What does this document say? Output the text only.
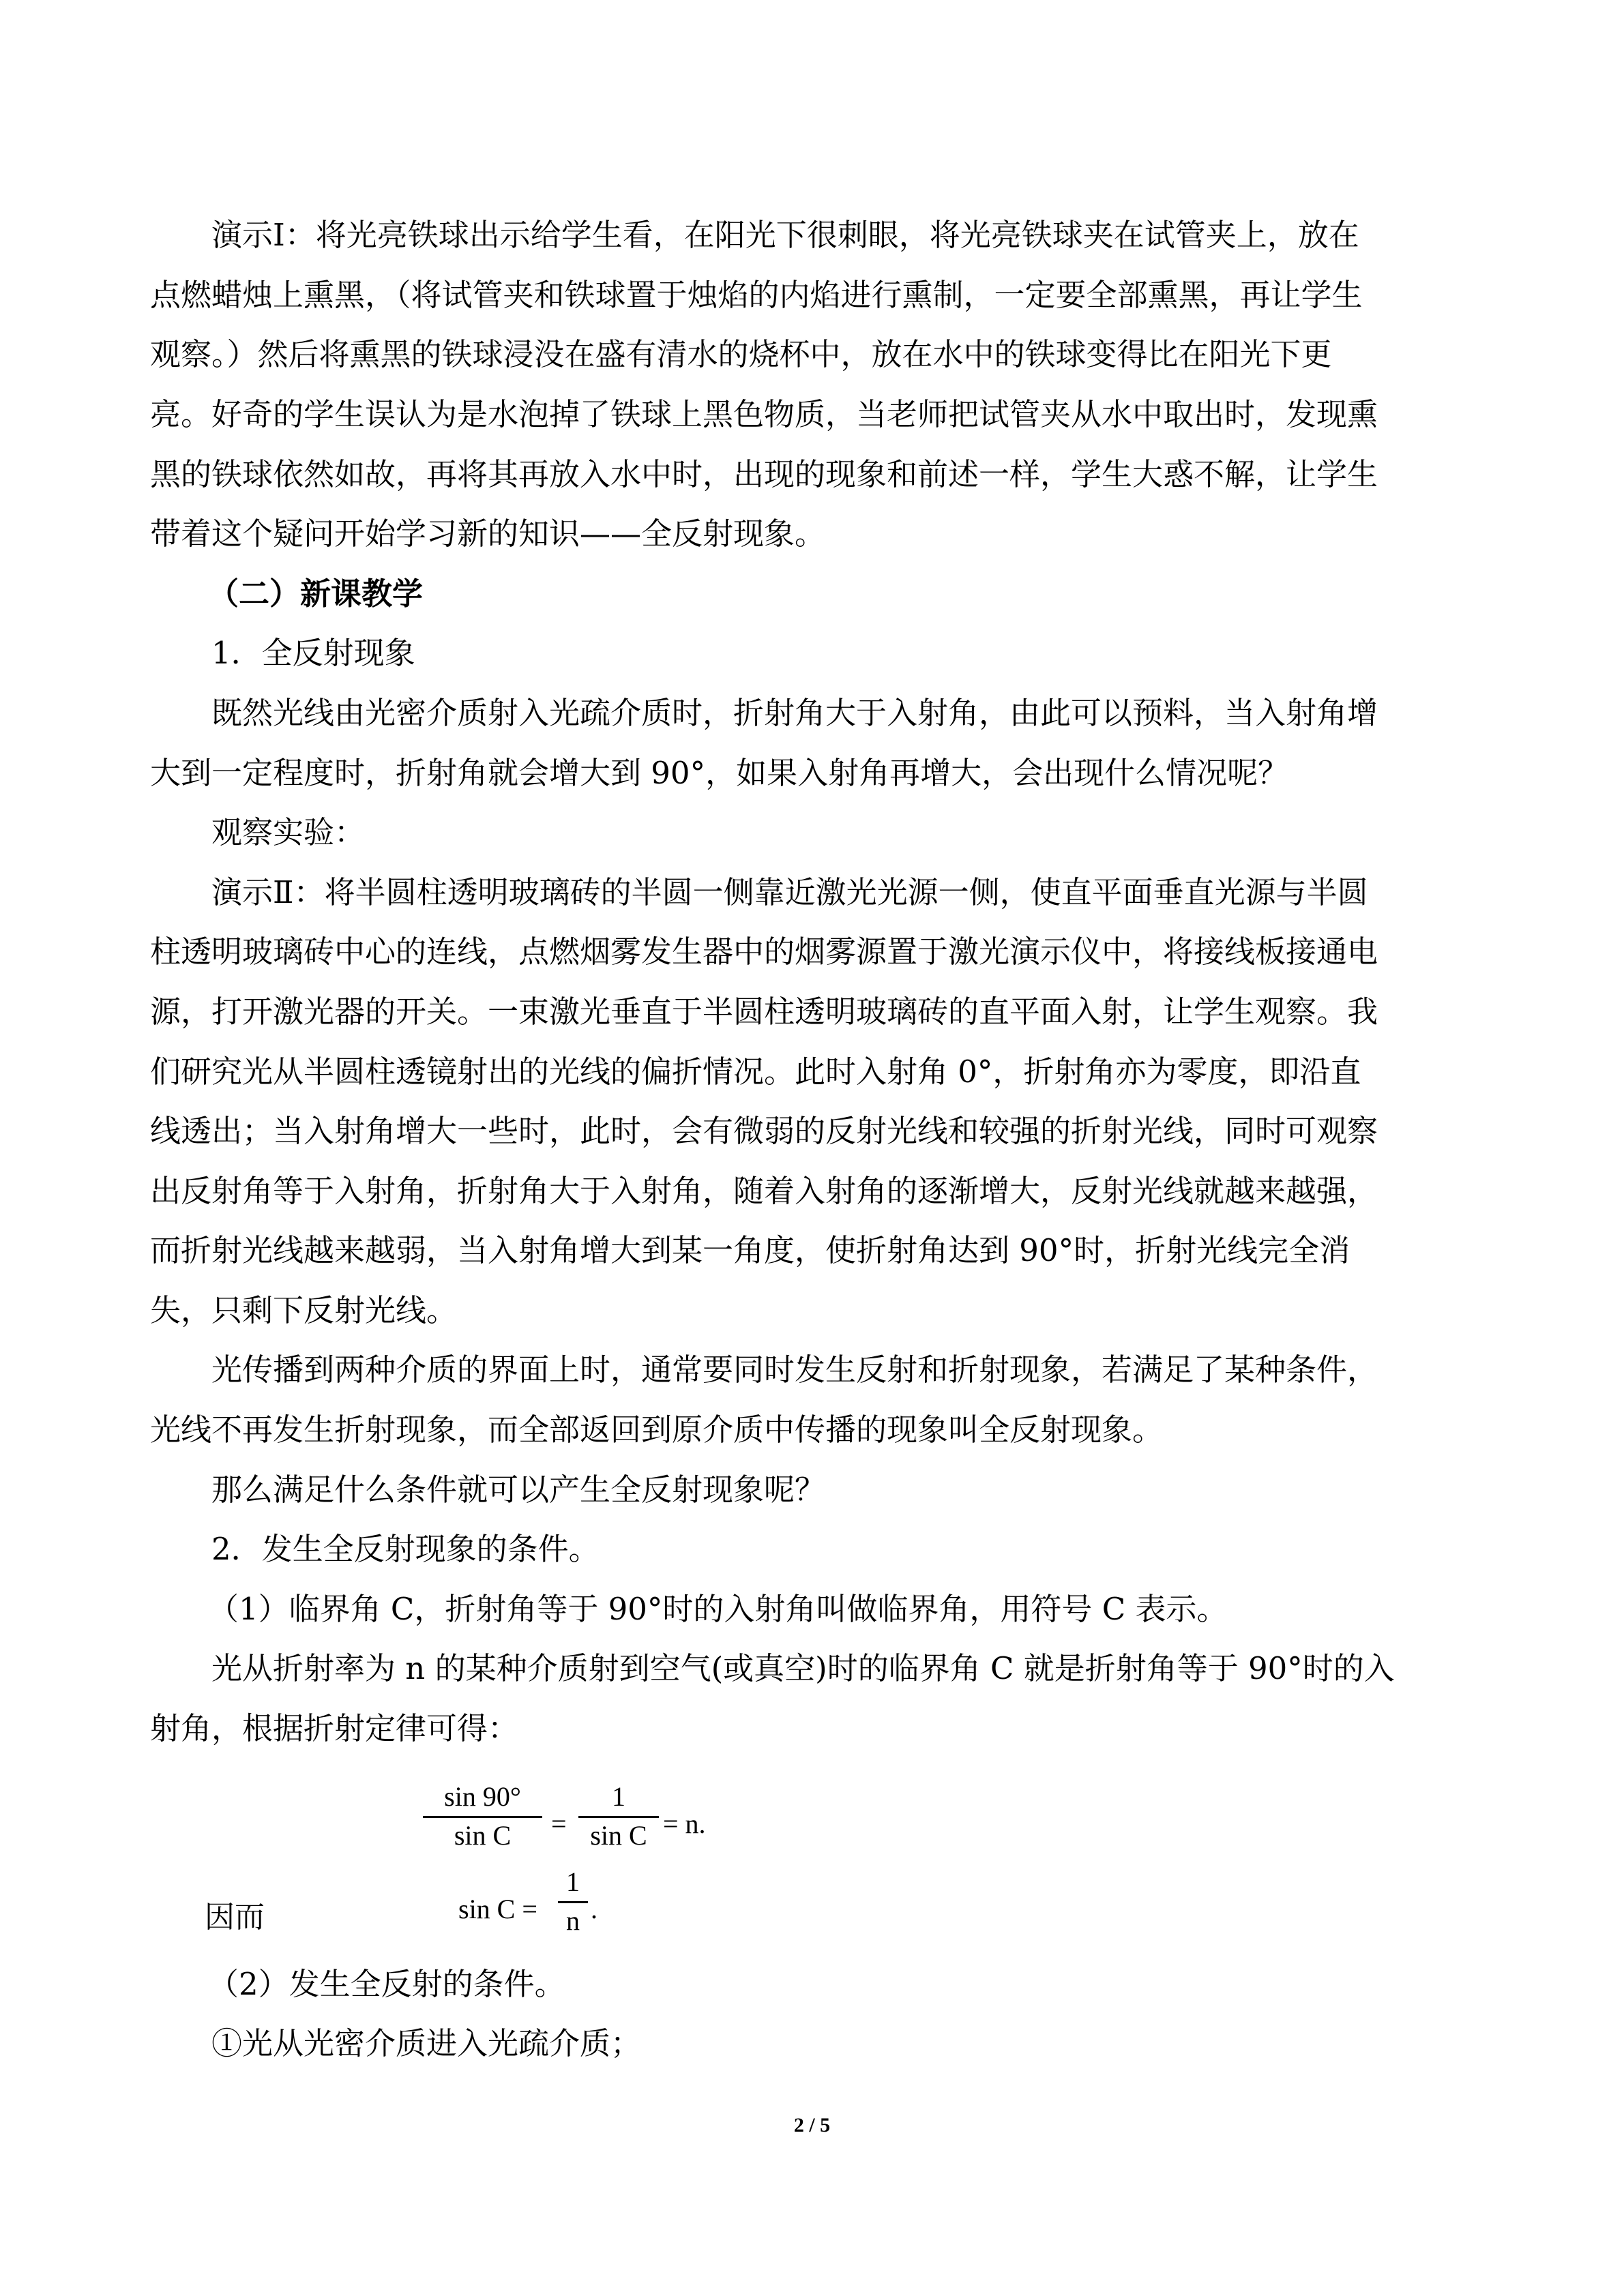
演示Ⅰ：将光亮铁球出示给学生看，在阳光下很刺眼，将光亮铁球夹在试管夹上，放在
点燃蜡烛上熏黑，（将试管夹和铁球置于烛焰的内焰进行熏制，一定要全部熏黑，再让学生
观察。）然后将熏黑的铁球浸没在盛有清水的烧杯中，放在水中的铁球变得比在阳光下更
亮。好奇的学生误认为是水泡掉了铁球上黑色物质，当老师把试管夹从水中取出时，发现熏
黑的铁球依然如故，再将其再放入水中时，出现的现象和前述一样，学生大惑不解，让学生
带着这个疑问开始学习新的知识——全反射现象。
（二）新课教学
1．全反射现象
既然光线由光密介质射入光疏介质时，折射角大于入射角，由此可以预料，当入射角增
大到一定程度时，折射角就会增大到 90°，如果入射角再增大，会出现什么情况呢？
观察实验：
演示Ⅱ：将半圆柱透明玻璃砖的半圆一侧靠近激光光源一侧，使直平面垂直光源与半圆
柱透明玻璃砖中心的连线，点燃烟雾发生器中的烟雾源置于激光演示仪中，将接线板接通电
源，打开激光器的开关。一束激光垂直于半圆柱透明玻璃砖的直平面入射，让学生观察。我
们研究光从半圆柱透镜射出的光线的偏折情况。此时入射角 0°，折射角亦为零度，即沿直
线透出；当入射角增大一些时，此时，会有微弱的反射光线和较强的折射光线，同时可观察
出反射角等于入射角，折射角大于入射角，随着入射角的逐渐增大，反射光线就越来越强，
而折射光线越来越弱，当入射角增大到某一角度，使折射角达到 90°时，折射光线完全消
失，只剩下反射光线。
光传播到两种介质的界面上时，通常要同时发生反射和折射现象，若满足了某种条件，
光线不再发生折射现象，而全部返回到原介质中传播的现象叫全反射现象。
那么满足什么条件就可以产生全反射现象呢？
2．发生全反射现象的条件。
（1）临界角 C，折射角等于 90°时的入射角叫做临界角，用符号 C 表示。
光从折射率为 n 的某种介质射到空气(或真空)时的临界角 C 就是折射角等于 90°时的入
射角，根据折射定律可得：
sin 90°
sin C	=
1
sin C = n.
因而	sin C =
1
n .
（2）发生全反射的条件。
①光从光密介质进入光疏介质；
2 / 5
